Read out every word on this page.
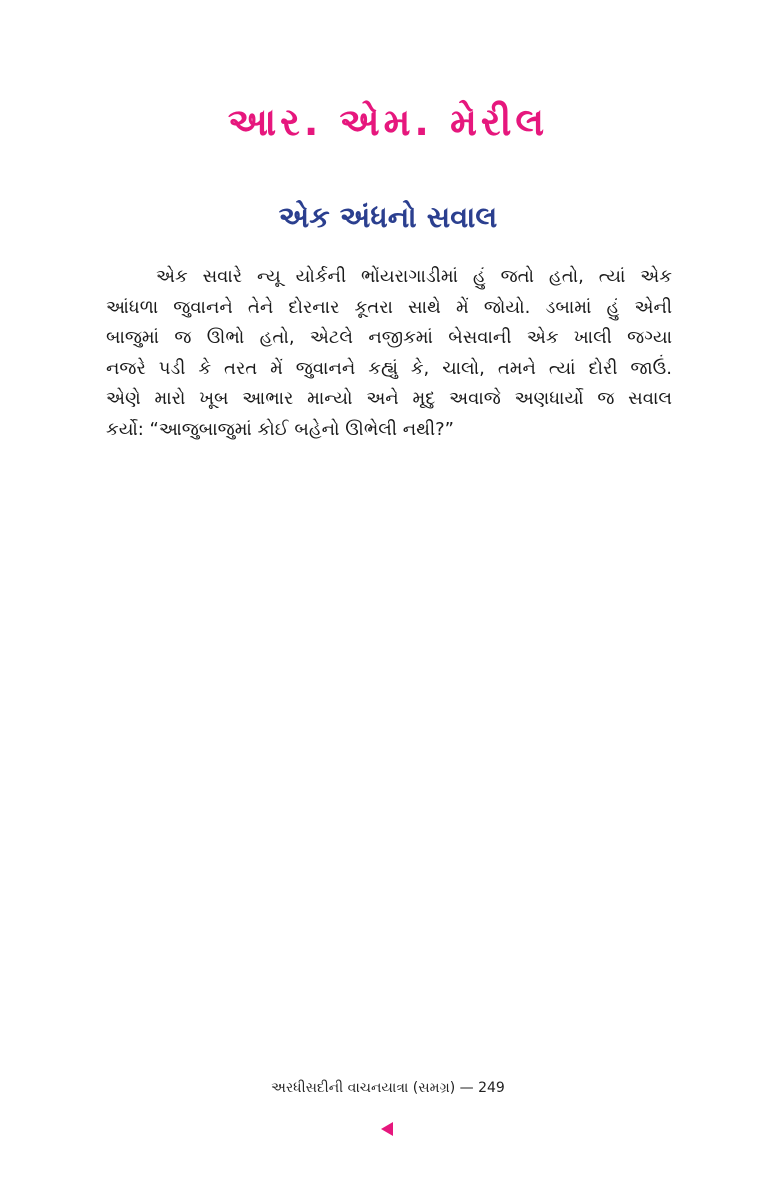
આર. એમ. મેરીલ
એક અંધનો સવાલ
એક સવારે ન્યૂ યોર્કની ભોંયરાગાડીમાં હું જતો હતો, ત્યાં એક
આંધળા જુવાનને તેને દોરનાર કૂતરા સાથે મેં જોયો. ડબામાં હું એની
બાજુમાં જ ઊભો હતો, એટલે નજીકમાં બેસવાની એક ખાલી જગ્યા
નજરે પડી કે તરત મેં જુવાનને કહ્યું કે, ચાલો, તમને ત્યાં દોરી જાઉં.
એણે મારો ખૂબ આભાર માન્યો અને મૃદુ અવાજે અણધાર્યો જ સવાલ
કર્યો: “આજુબાજુમાં કોઈ બહેનો ઊભેલી નથી?”
અરધીસદીની વાચનયાત્રા (સમગ્ર) — 249
